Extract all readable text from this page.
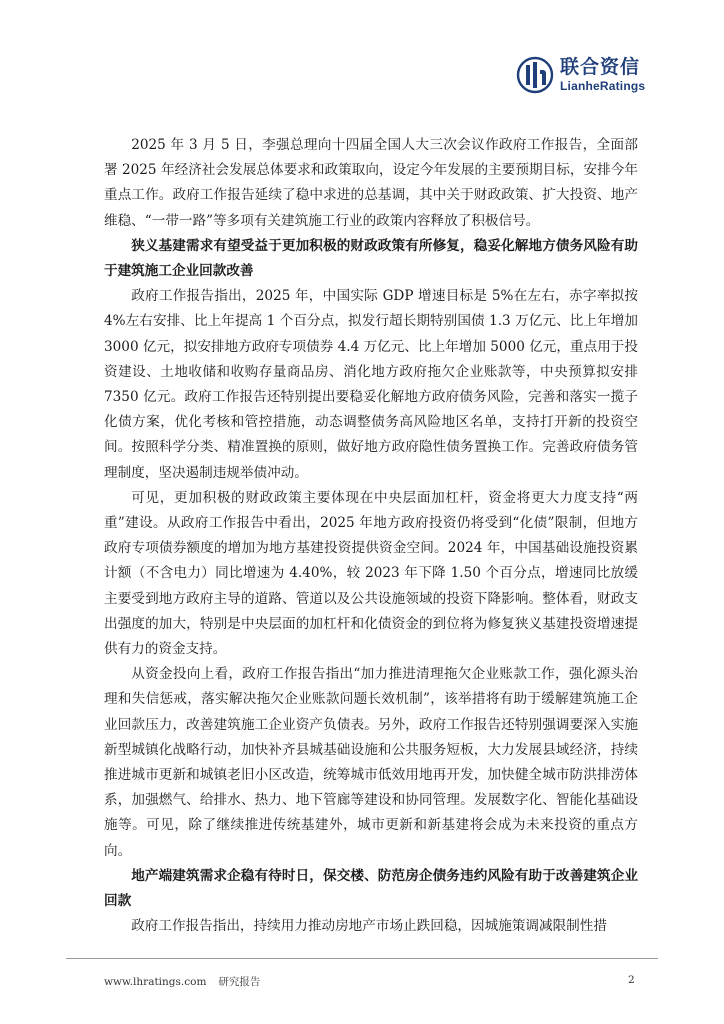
联合资信
LianheRatings

2025 年 3 月 5 日，李强总理向十四届全国人大三次会议作政府工作报告，全面部署 2025 年经济社会发展总体要求和政策取向，设定今年发展的主要预期目标，安排今年重点工作。政府工作报告延续了稳中求进的总基调，其中关于财政政策、扩大投资、地产维稳、“一带一路”等多项有关建筑施工行业的政策内容释放了积极信号。

狭义基建需求有望受益于更加积极的财政政策有所修复，稳妥化解地方债务风险有助于建筑施工企业回款改善

政府工作报告指出，2025 年，中国实际 GDP 增速目标是 5%在左右，赤字率拟按 4%左右安排、比上年提高 1 个百分点，拟发行超长期特别国债 1.3 万亿元、比上年增加 3000 亿元，拟安排地方政府专项债券 4.4 万亿元、比上年增加 5000 亿元，重点用于投资建设、土地收储和收购存量商品房、消化地方政府拖欠企业账款等，中央预算拟安排 7350 亿元。政府工作报告还特别提出要稳妥化解地方政府债务风险，完善和落实一揽子化债方案，优化考核和管控措施，动态调整债务高风险地区名单，支持打开新的投资空间。按照科学分类、精准置换的原则，做好地方政府隐性债务置换工作。完善政府债务管理制度，坚决遏制违规举债冲动。

可见，更加积极的财政政策主要体现在中央层面加杠杆，资金将更大力度支持“两重”建设。从政府工作报告中看出，2025 年地方政府投资仍将受到“化债”限制，但地方政府专项债券额度的增加为地方基建投资提供资金空间。2024 年，中国基础设施投资累计额（不含电力）同比增速为 4.40%，较 2023 年下降 1.50 个百分点，增速同比放缓主要受到地方政府主导的道路、管道以及公共设施领域的投资下降影响。整体看，财政支出强度的加大，特别是中央层面的加杠杆和化债资金的到位将为修复狭义基建投资增速提供有力的资金支持。

从资金投向上看，政府工作报告指出“加力推进清理拖欠企业账款工作，强化源头治理和失信惩戒，落实解决拖欠企业账款问题长效机制”，该举措将有助于缓解建筑施工企业回款压力，改善建筑施工企业资产负债表。另外，政府工作报告还特别强调要深入实施新型城镇化战略行动，加快补齐县城基础设施和公共服务短板，大力发展县域经济，持续推进城市更新和城镇老旧小区改造，统筹城市低效用地再开发，加快健全城市防洪排涝体系，加强燃气、给排水、热力、地下管廊等建设和协同管理。发展数字化、智能化基础设施等。可见，除了继续推进传统基建外，城市更新和新基建将会成为未来投资的重点方向。

地产端建筑需求企稳有待时日，保交楼、防范房企债务违约风险有助于改善建筑企业回款

政府工作报告指出，持续用力推动房地产市场止跌回稳，因城施策调减限制性措

www.lhratings.com 研究报告	2
